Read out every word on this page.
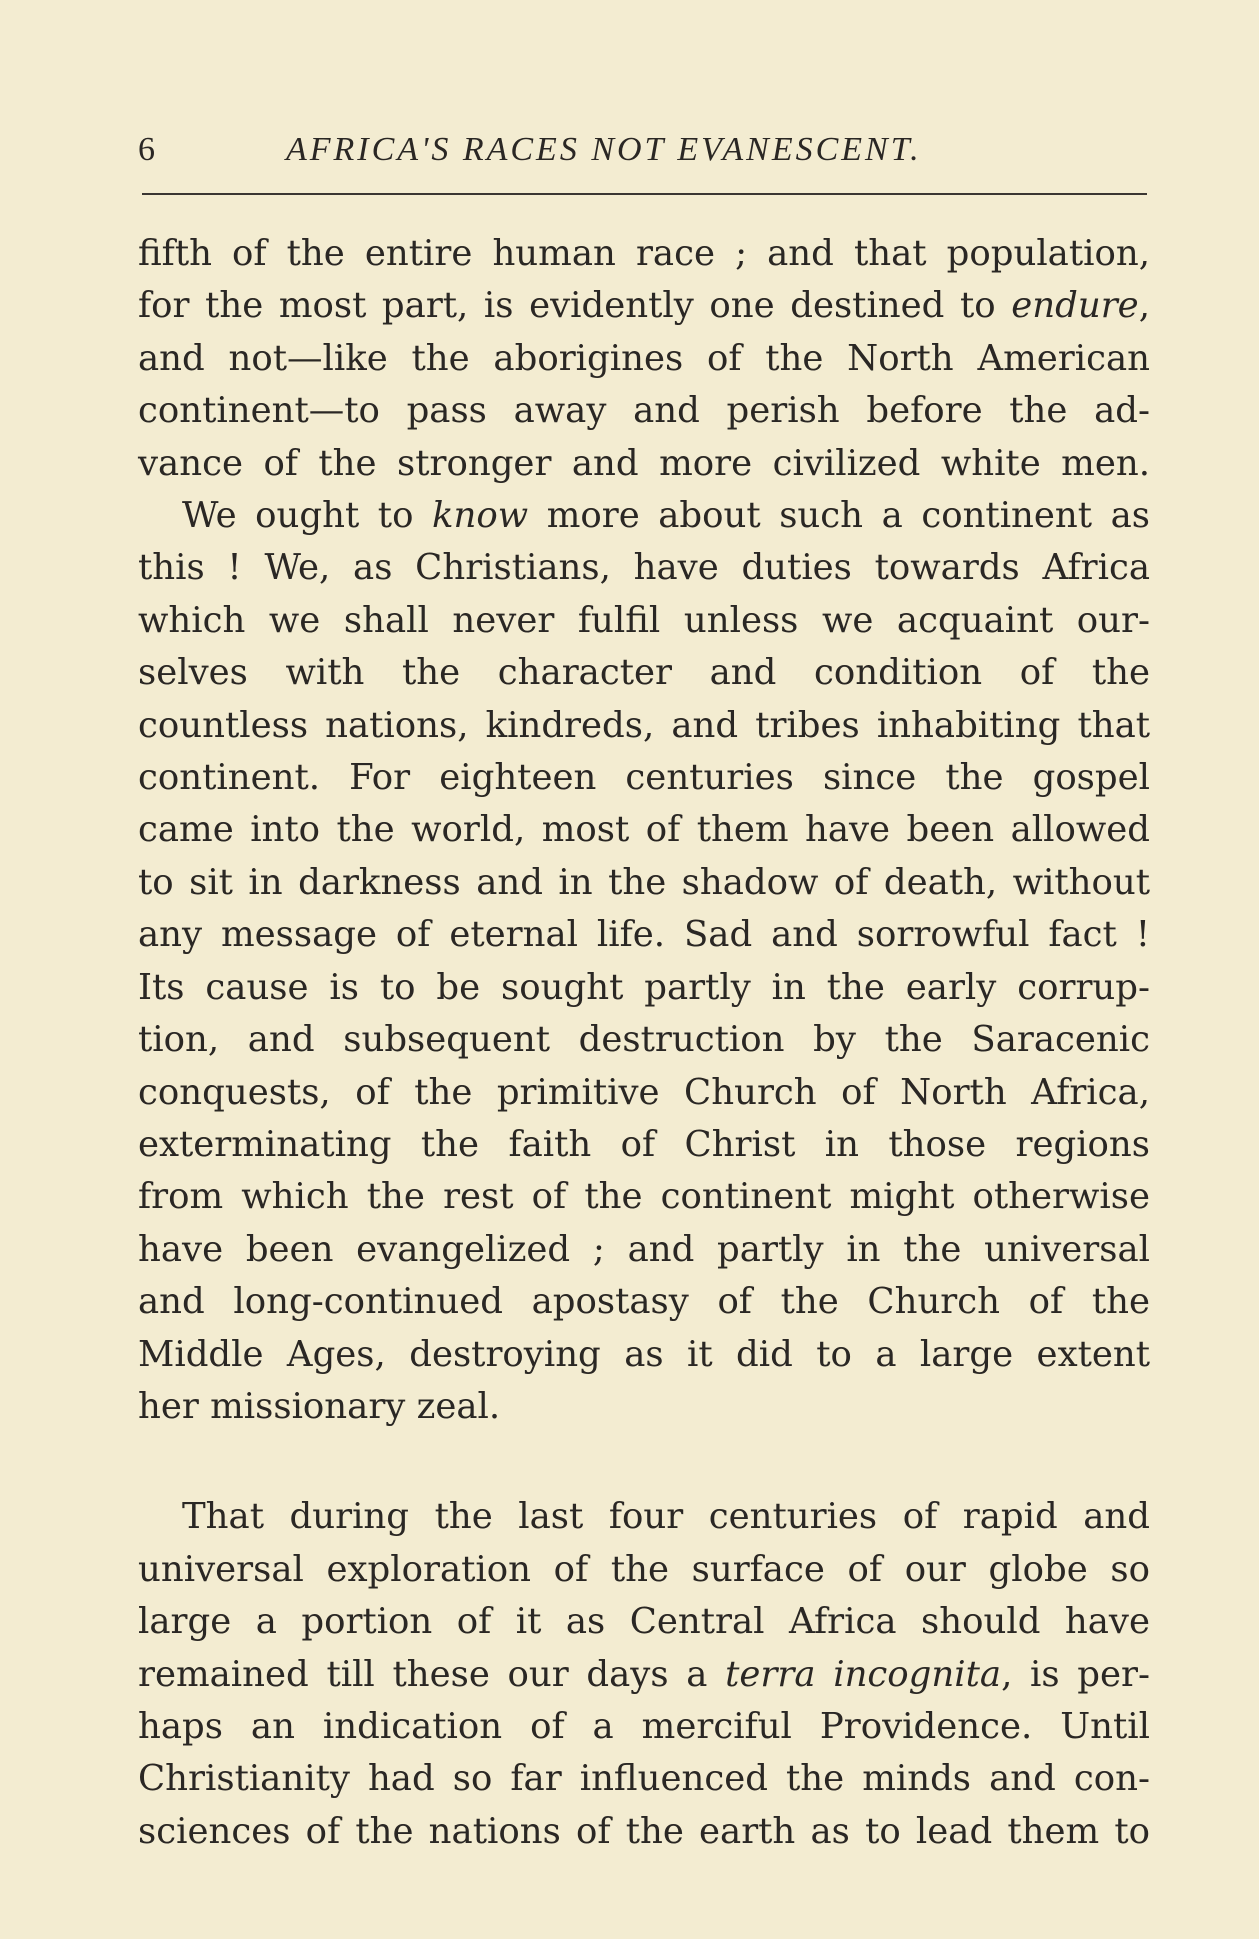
6	AFRICA'S RACES NOT EVANESCENT.
fifth of the entire human race ; and that population,
for the most part, is evidently one destined to endure,
and not—like the aborigines of the North American
continent—to pass away and perish before the ad-
vance of the stronger and more civilized white men.
We ought to know more about such a continent as
this ! We, as Christians, have duties towards Africa
which we shall never fulfil unless we acquaint our-
selves with the character and condition of the
countless nations, kindreds, and tribes inhabiting that
continent. For eighteen centuries since the gospel
came into the world, most of them have been allowed
to sit in darkness and in the shadow of death, without
any message of eternal life. Sad and sorrowful fact !
Its cause is to be sought partly in the early corrup-
tion, and subsequent destruction by the Saracenic
conquests, of the primitive Church of North Africa,
exterminating the faith of Christ in those regions
from which the rest of the continent might otherwise
have been evangelized ; and partly in the universal
and long-continued apostasy of the Church of the
Middle Ages, destroying as it did to a large extent
her missionary zeal.
That during the last four centuries of rapid and
universal exploration of the surface of our globe so
large a portion of it as Central Africa should have
remained till these our days a terra incognita, is per-
haps an indication of a merciful Providence. Until
Christianity had so far influenced the minds and con-
sciences of the nations of the earth as to lead them to
